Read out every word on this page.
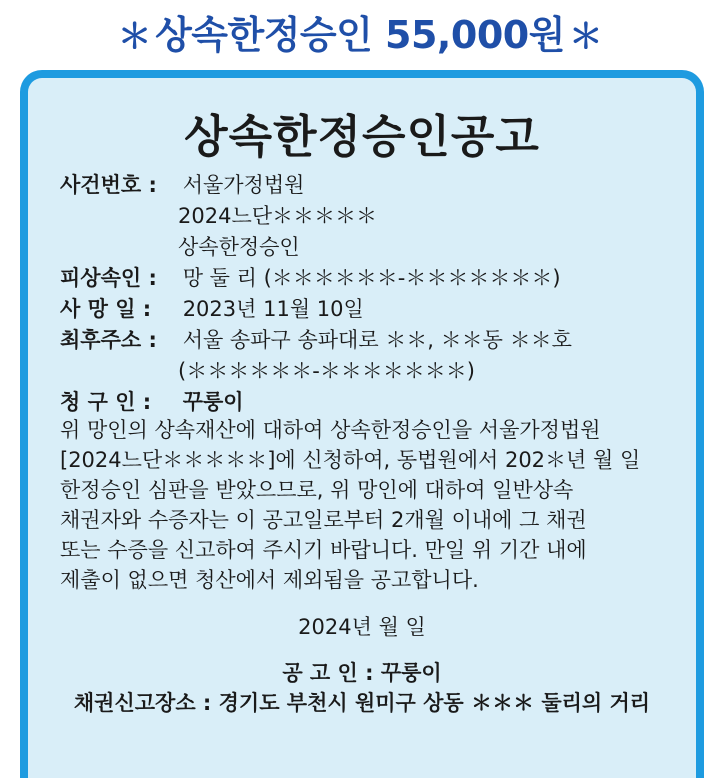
＊ 상속한정승인 55,000원 ＊
상속한정승인공고
사건번호 : 서울가정법원
2024느단＊＊＊＊＊
상속한정승인
피상속인 : 망 둘 리 (＊＊＊＊＊＊-＊＊＊＊＊＊＊)
사 망 일 : 2023년 11월 10일
최후주소 : 서울 송파구 송파대로 ＊＊, ＊＊동 ＊＊호
(＊＊＊＊＊＊-＊＊＊＊＊＊＊)
청 구 인 : 꾸룽이
위 망인의 상속재산에 대하여 상속한정승인을 서울가정법원
[2024느단＊＊＊＊＊]에 신청하여, 동법원에서 202＊년 월 일
한정승인 심판을 받았으므로, 위 망인에 대하여 일반상속
채권자와 수증자는 이 공고일로부터 2개월 이내에 그 채권
또는 수증을 신고하여 주시기 바랍니다. 만일 위 기간 내에
제출이 없으면 청산에서 제외됨을 공고합니다.
2024년 월 일
공 고 인 : 꾸룽이
채권신고장소 : 경기도 부천시 원미구 상동 ＊＊＊ 둘리의 거리
